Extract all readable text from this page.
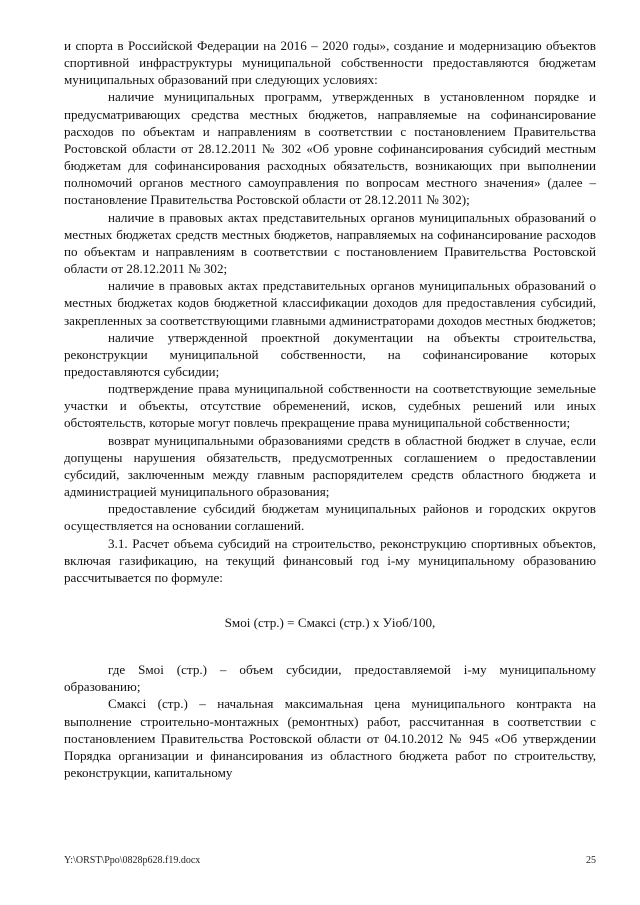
и спорта в Российской Федерации на 2016 – 2020 годы», создание и модернизацию объектов спортивной инфраструктуры муниципальной собственности предоставляются бюджетам муниципальных образований при следующих условиях:

наличие муниципальных программ, утвержденных в установленном порядке и предусматривающих средства местных бюджетов, направляемые на софинансирование расходов по объектам и направлениям в соответствии с постановлением Правительства Ростовской области от 28.12.2011 № 302 «Об уровне софинансирования субсидий местным бюджетам для софинансирования расходных обязательств, возникающих при выполнении полномочий органов местного самоуправления по вопросам местного значения» (далее – постановление Правительства Ростовской области от 28.12.2011 № 302);

наличие в правовых актах представительных органов муниципальных образований о местных бюджетах средств местных бюджетов, направляемых на софинансирование расходов по объектам и направлениям в соответствии с постановлением Правительства Ростовской области от 28.12.2011 № 302;

наличие в правовых актах представительных органов муниципальных образований о местных бюджетах кодов бюджетной классификации доходов для предоставления субсидий, закрепленных за соответствующими главными администраторами доходов местных бюджетов;

наличие утвержденной проектной документации на объекты строительства, реконструкции муниципальной собственности, на софинансирование которых предоставляются субсидии;

подтверждение права муниципальной собственности на соответствующие земельные участки и объекты, отсутствие обременений, исков, судебных решений или иных обстоятельств, которые могут повлечь прекращение права муниципальной собственности;

возврат муниципальными образованиями средств в областной бюджет в случае, если допущены нарушения обязательств, предусмотренных соглашением о предоставлении субсидий, заключенным между главным распорядителем средств областного бюджета и администрацией муниципального образования;

предоставление субсидий бюджетам муниципальных районов и городских округов осуществляется на основании соглашений.

3.1. Расчет объема субсидий на строительство, реконструкцию спортивных объектов, включая газификацию, на текущий финансовый год i-му муниципальному образованию рассчитывается по формуле:

Sмоi (стр.) = Смаксi (стр.) х Уioб/100,

где Sмоi (стр.) – объем субсидии, предоставляемой i-му муниципальному образованию;

Смаксi (стр.) – начальная максимальная цена муниципального контракта на выполнение строительно-монтажных (ремонтных) работ, рассчитанная в соответствии с постановлением Правительства Ростовской области от 04.10.2012 № 945 «Об утверждении Порядка организации и финансирования из областного бюджета работ по строительству, реконструкции, капитальному

Y:\ORST\Ppo\0828p628.f19.docx	25
